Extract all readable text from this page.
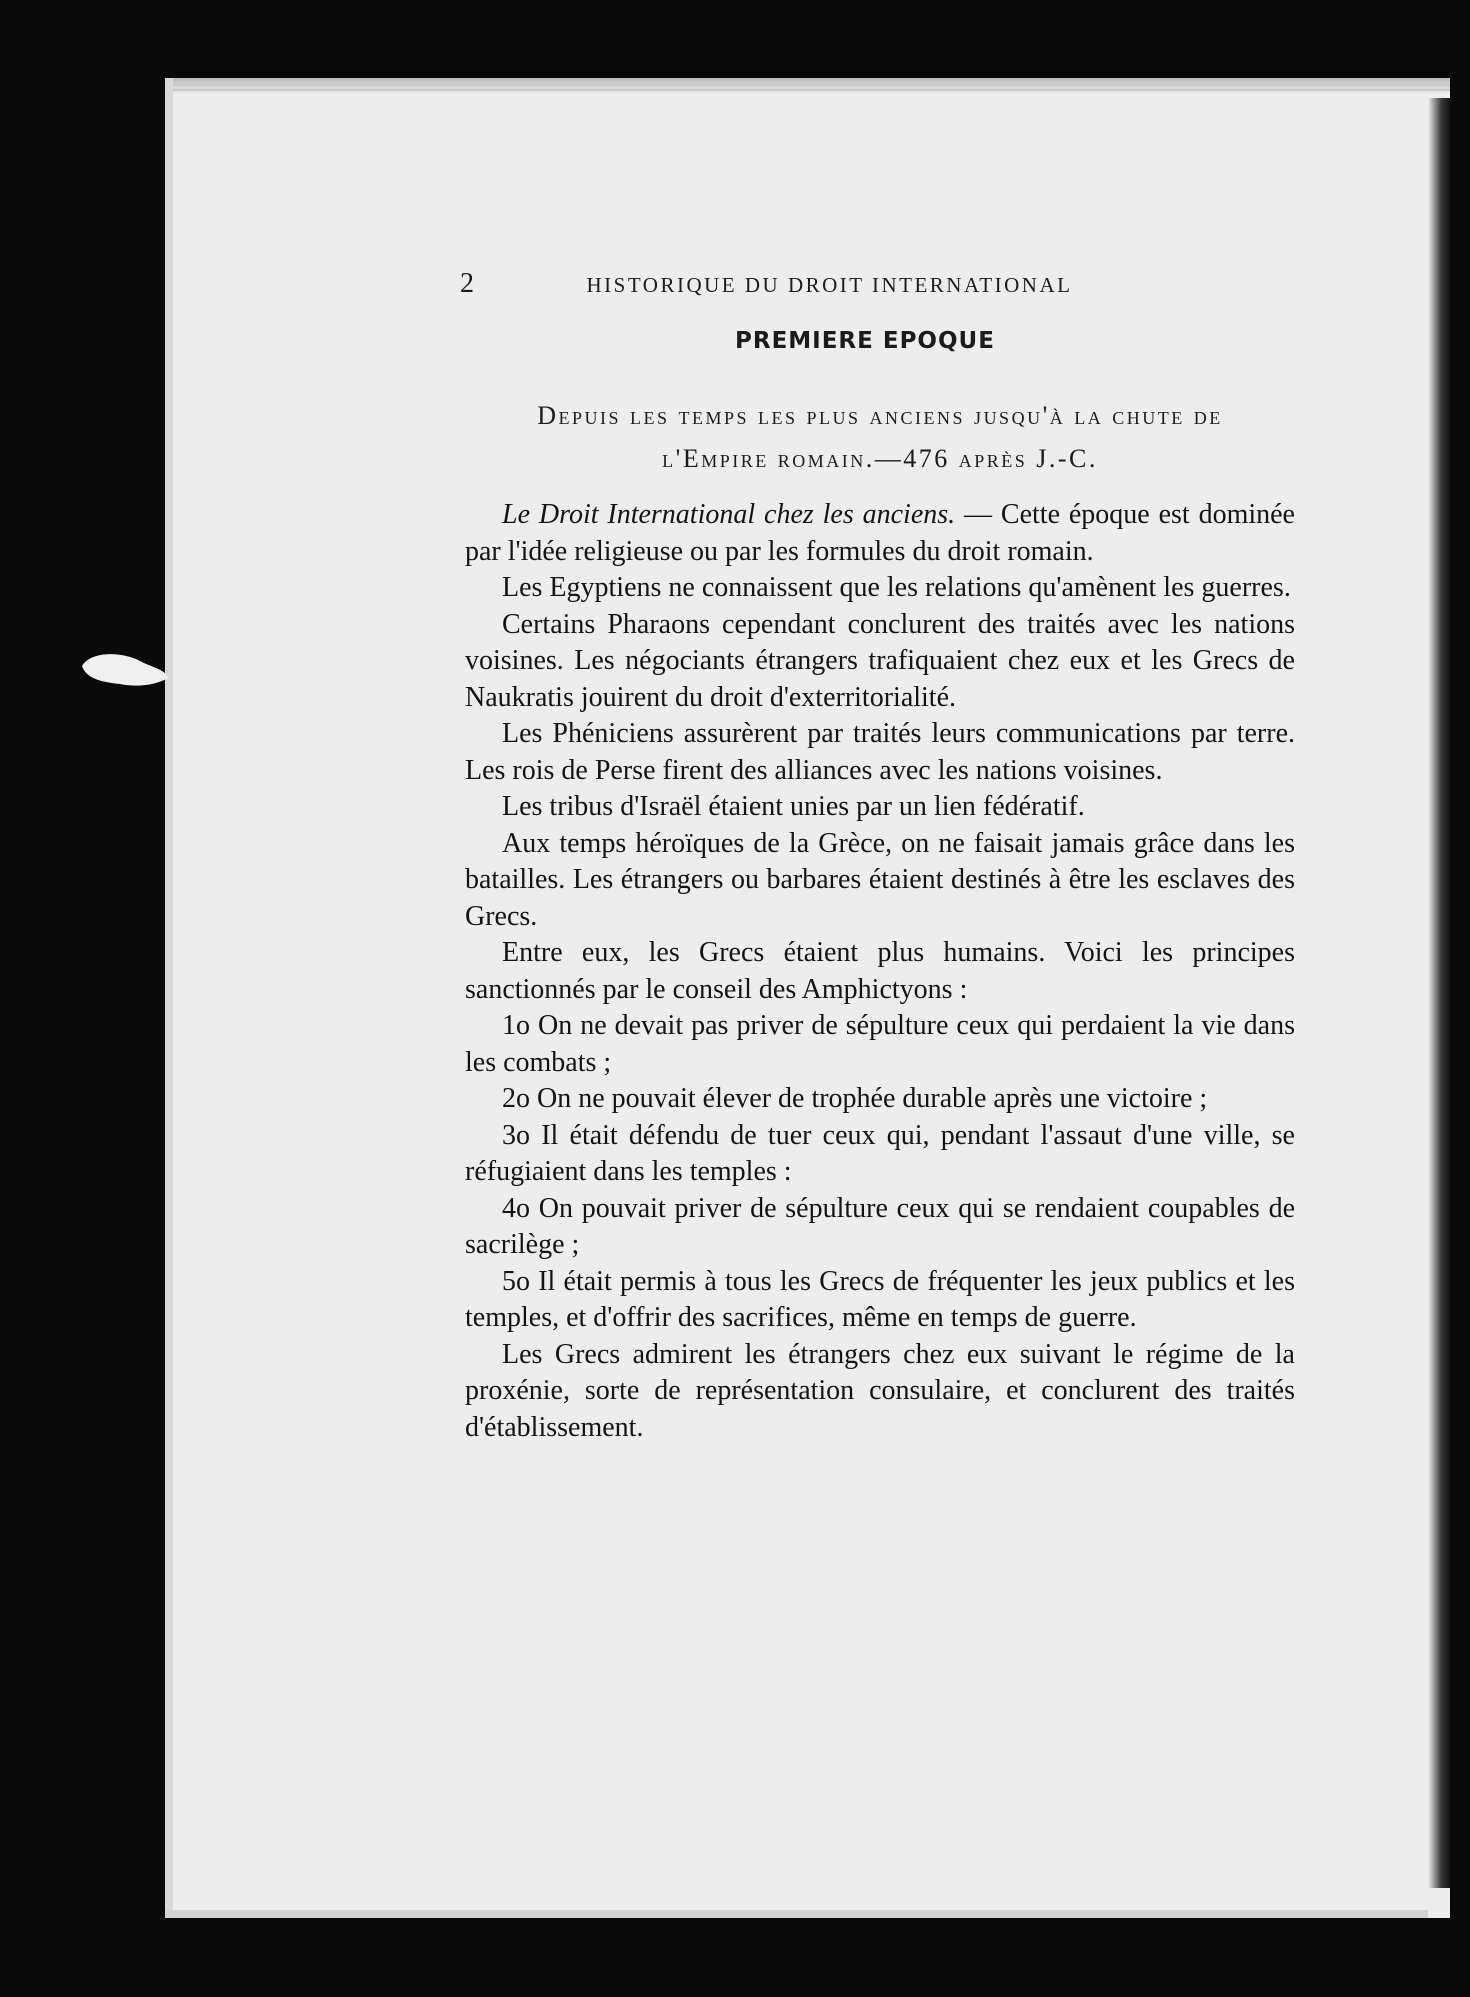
2	HISTORIQUE DU DROIT INTERNATIONAL
PREMIERE EPOQUE
Depuis les temps les plus anciens jusqu'à la chute de
l'Empire romain.—476 après J.-C.

Le Droit International chez les anciens. — Cette époque est dominée par l'idée religieuse ou par les formules du droit romain.

Les Egyptiens ne connaissent que les relations qu'amènent les guerres.

Certains Pharaons cependant conclurent des traités avec les nations voisines. Les négociants étrangers trafiquaient chez eux et les Grecs de Naukratis jouirent du droit d'exterritorialité.

Les Phéniciens assurèrent par traités leurs communications par terre. Les rois de Perse firent des alliances avec les nations voisines.

Les tribus d'Israël étaient unies par un lien fédératif.

Aux temps héroïques de la Grèce, on ne faisait jamais grâce dans les batailles. Les étrangers ou barbares étaient destinés à être les esclaves des Grecs.

Entre eux, les Grecs étaient plus humains. Voici les principes sanctionnés par le conseil des Amphictyons :

1o On ne devait pas priver de sépulture ceux qui perdaient la vie dans les combats ;

2o On ne pouvait élever de trophée durable après une victoire ;

3o Il était défendu de tuer ceux qui, pendant l'assaut d'une ville, se réfugiaient dans les temples :

4o On pouvait priver de sépulture ceux qui se rendaient coupables de sacrilège ;

5o Il était permis à tous les Grecs de fréquenter les jeux publics et les temples, et d'offrir des sacrifices, même en temps de guerre.

Les Grecs admirent les étrangers chez eux suivant le régime de la proxénie, sorte de représentation consulaire, et conclurent des traités d'établissement.
